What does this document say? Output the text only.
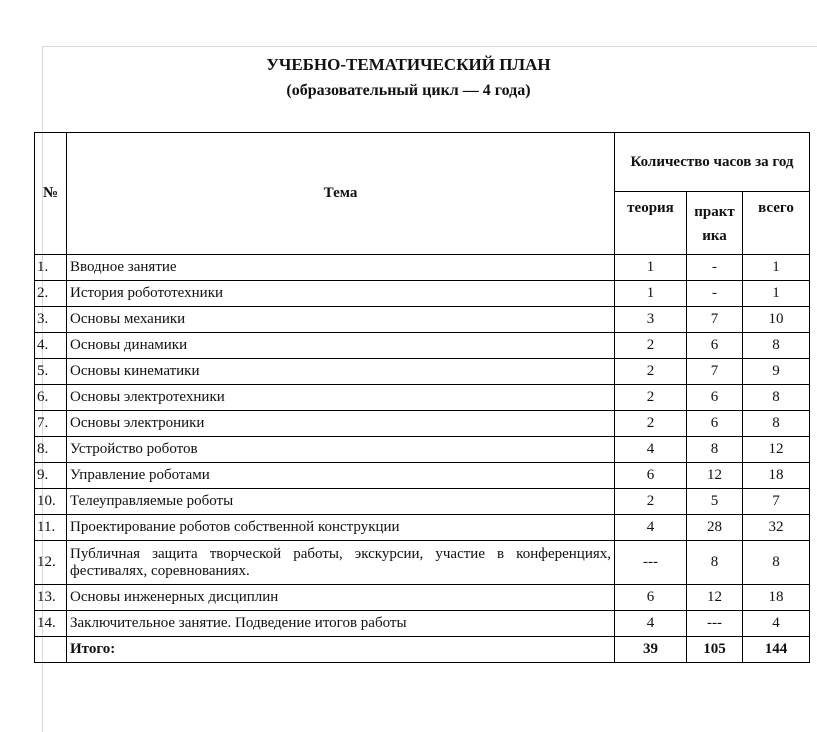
УЧЕБНО-ТЕМАТИЧЕСКИЙ ПЛАН
(образовательный цикл — 4 года)
№	Тема	Количество часов за год		
		теория	практ ика	всего
1.	Вводное занятие	1	-	1
2.	История робототехники	1	-	1
3.	Основы механики	3	7	10
4.	Основы динамики	2	6	8
5.	Основы кинематики	2	7	9
6.	Основы электротехники	2	6	8
7.	Основы электроники	2	6	8
8.	Устройство роботов	4	8	12
9.	Управление роботами	6	12	18
10.	Телеуправляемые роботы	2	5	7
11.	Проектирование роботов собственной конструкции	4	28	32
12.	Публичная защита творческой работы, экскурсии, участие в конференциях, фестивалях, соревнованиях.	---	8	8
13.	Основы инженерных дисциплин	6	12	18
14.	Заключительное занятие. Подведение итогов работы	4	---	4
	Итого:	39	105	144
